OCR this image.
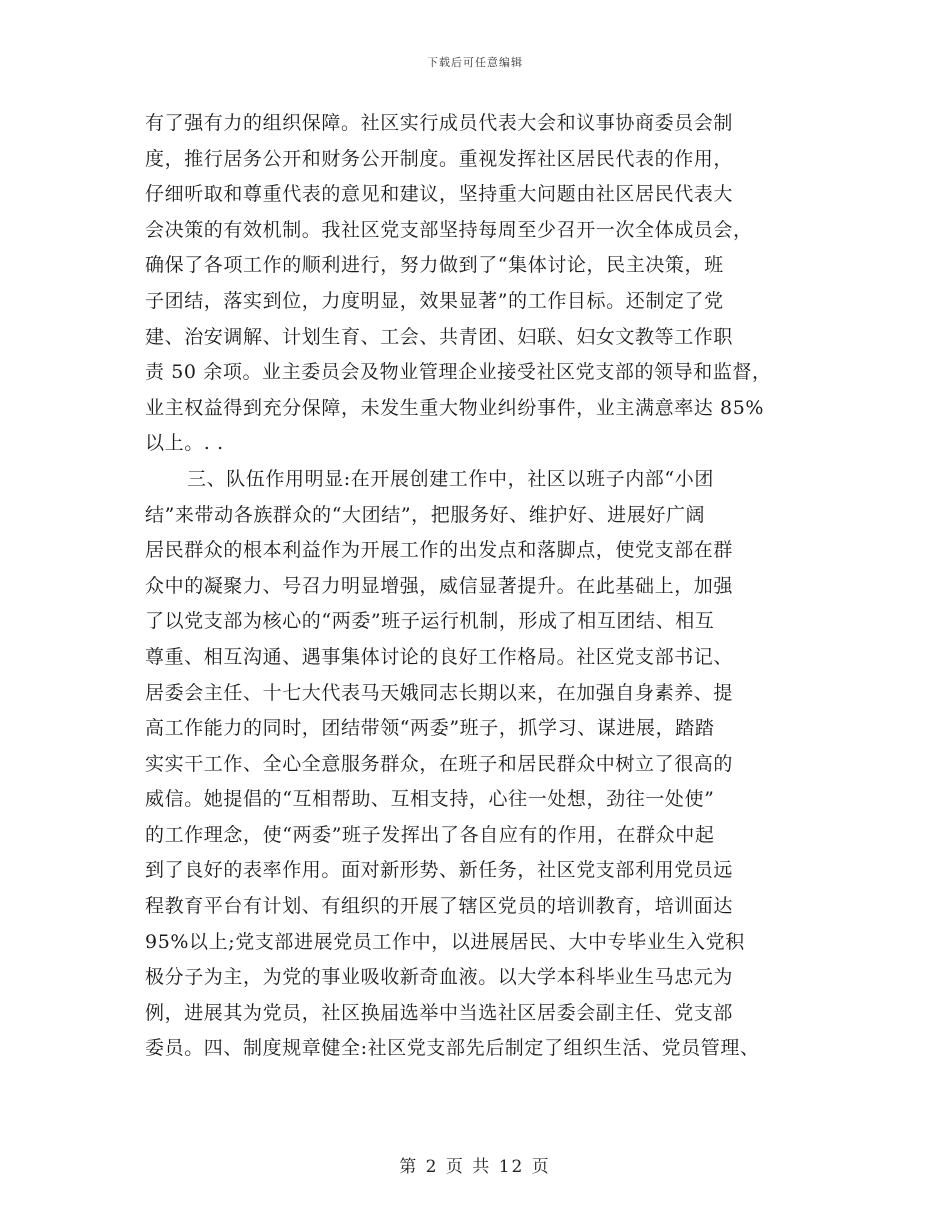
下载后可任意编辑
有了强有力的组织保障。社区实行成员代表大会和议事协商委员会制
度，推行居务公开和财务公开制度。重视发挥社区居民代表的作用，
仔细听取和尊重代表的意见和建议，坚持重大问题由社区居民代表大
会决策的有效机制。我社区党支部坚持每周至少召开一次全体成员会，
确保了各项工作的顺利进行，努力做到了“集体讨论，民主决策，班
子团结，落实到位，力度明显，效果显著”的工作目标。还制定了党
建、治安调解、计划生育、工会、共青团、妇联、妇女文教等工作职
责 50 余项。业主委员会及物业管理企业接受社区党支部的领导和监督，
业主权益得到充分保障，未发生重大物业纠纷事件，业主满意率达 85%
以上。. .
三、队伍作用明显:在开展创建工作中，社区以班子内部“小团
结”来带动各族群众的“大团结”，把服务好、维护好、进展好广阔
居民群众的根本利益作为开展工作的出发点和落脚点，使党支部在群
众中的凝聚力、号召力明显增强，威信显著提升。在此基础上，加强
了以党支部为核心的“两委”班子运行机制，形成了相互团结、相互
尊重、相互沟通、遇事集体讨论的良好工作格局。社区党支部书记、
居委会主任、十七大代表马天娥同志长期以来，在加强自身素养、提
高工作能力的同时，团结带领“两委”班子，抓学习、谋进展，踏踏
实实干工作、全心全意服务群众，在班子和居民群众中树立了很高的
威信。她提倡的“互相帮助、互相支持，心往一处想，劲往一处使”
的工作理念，使“两委”班子发挥出了各自应有的作用，在群众中起
到了良好的表率作用。面对新形势、新任务，社区党支部利用党员远
程教育平台有计划、有组织的开展了辖区党员的培训教育，培训面达
95%以上;党支部进展党员工作中，以进展居民、大中专毕业生入党积
极分子为主，为党的事业吸收新奇血液。以大学本科毕业生马忠元为
例，进展其为党员，社区换届选举中当选社区居委会副主任、党支部
委员。四、制度规章健全:社区党支部先后制定了组织生活、党员管理、
第 2 页 共 12 页
